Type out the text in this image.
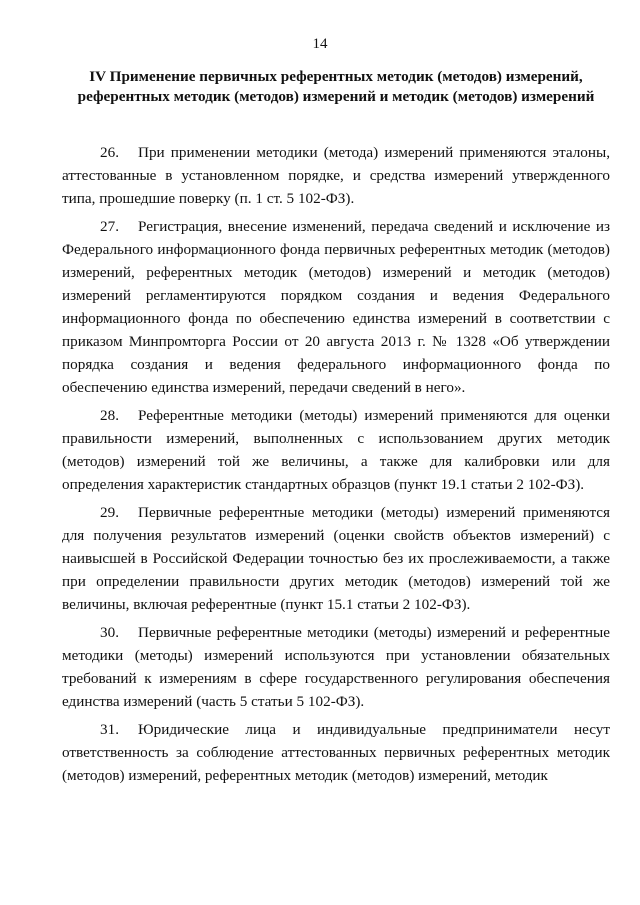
14
IV Применение первичных референтных методик (методов) измерений, референтных методик (методов) измерений и методик (методов) измерений

26. При применении методики (метода) измерений применяются эталоны, аттестованные в установленном порядке, и средства измерений утвержденного типа, прошедшие поверку (п. 1 ст. 5 102-ФЗ).

27. Регистрация, внесение изменений, передача сведений и исключение из Федерального информационного фонда первичных референтных методик (методов) измерений, референтных методик (методов) измерений и методик (методов) измерений регламентируются порядком создания и ведения Федерального информационного фонда по обеспечению единства измерений в соответствии с приказом Минпромторга России от 20 августа 2013 г. № 1328 «Об утверждении порядка создания и ведения федерального информационного фонда по обеспечению единства измерений, передачи сведений в него».

28. Референтные методики (методы) измерений применяются для оценки правильности измерений, выполненных с использованием других методик (методов) измерений той же величины, а также для калибровки или для определения характеристик стандартных образцов (пункт 19.1 статьи 2 102-ФЗ).

29. Первичные референтные методики (методы) измерений применяются для получения результатов измерений (оценки свойств объектов измерений) с наивысшей в Российской Федерации точностью без их прослеживаемости, а также при определении правильности других методик (методов) измерений той же величины, включая референтные (пункт 15.1 статьи 2 102-ФЗ).

30. Первичные референтные методики (методы) измерений и референтные методики (методы) измерений используются при установлении обязательных требований к измерениям в сфере государственного регулирования обеспечения единства измерений (часть 5 статьи 5 102-ФЗ).

31. Юридические лица и индивидуальные предприниматели несут ответственность за соблюдение аттестованных первичных референтных методик (методов) измерений, референтных методик (методов) измерений, методик
